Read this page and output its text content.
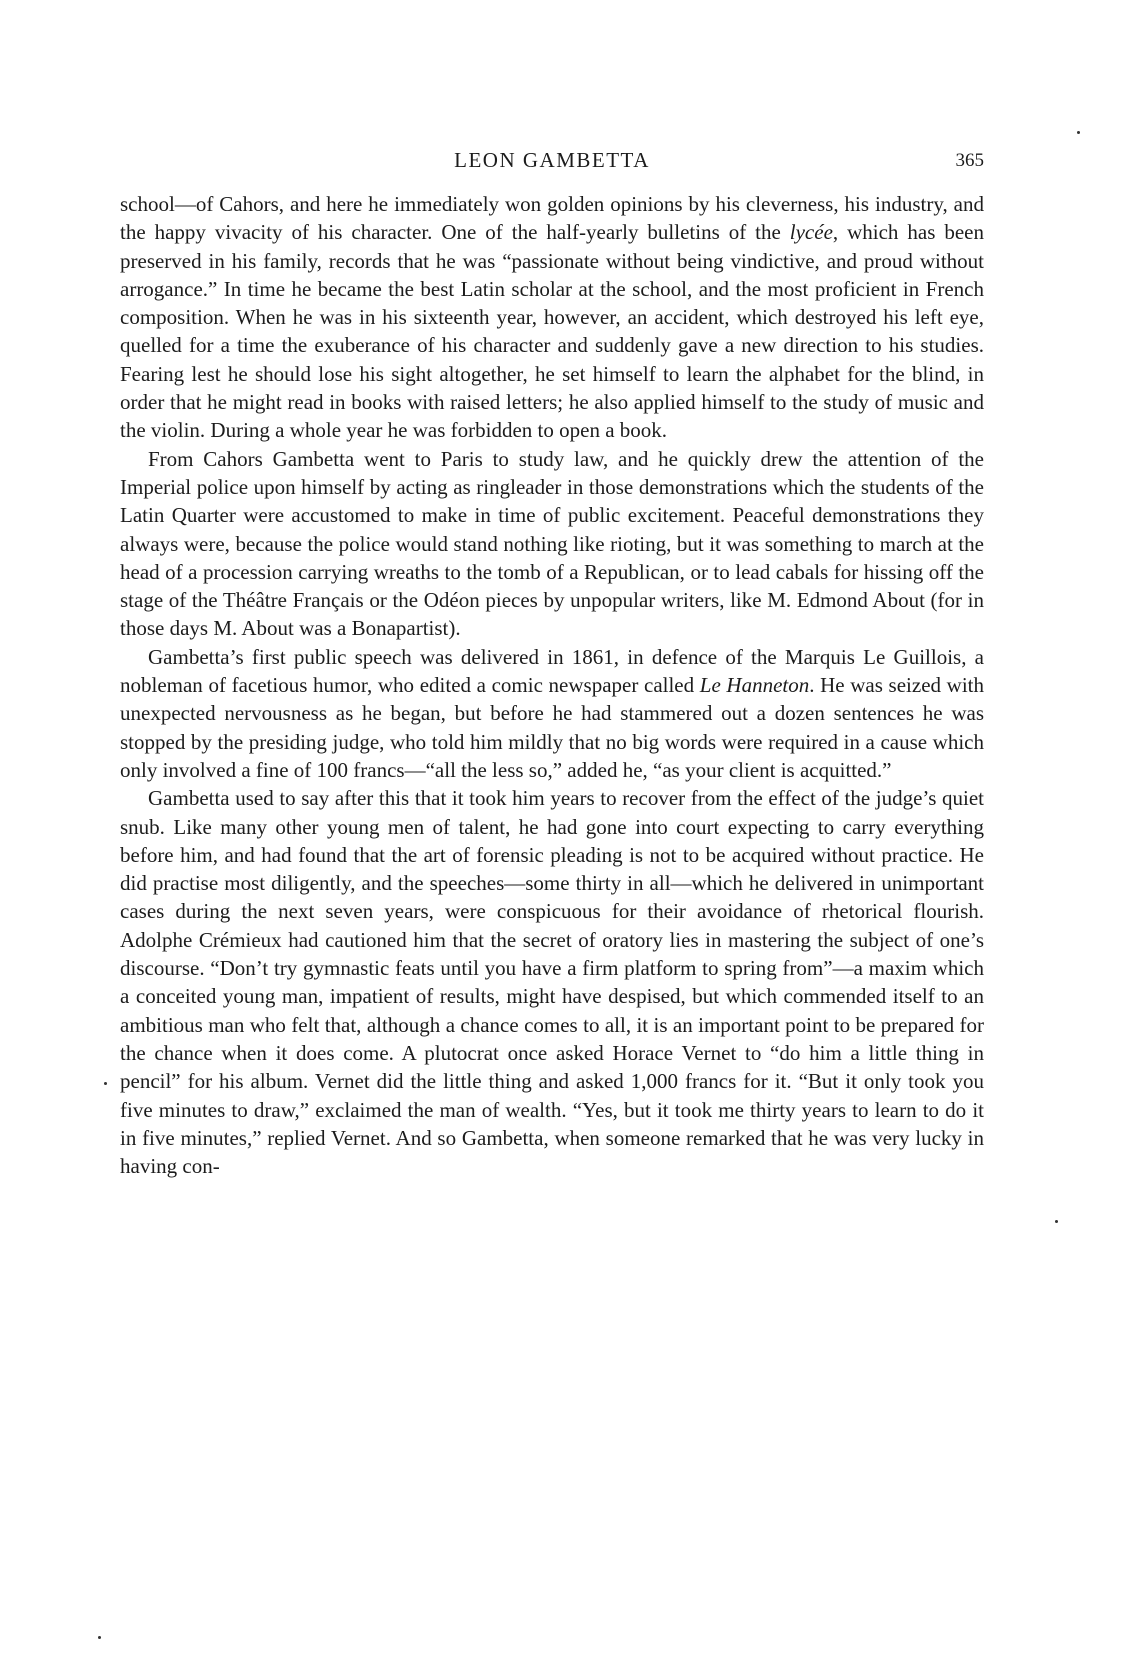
LEON GAMBETTA	365

school—of Cahors, and here he immediately won golden opinions by his cleverness, his industry, and the happy vivacity of his character. One of the half-yearly bulletins of the lycée, which has been preserved in his family, records that he was “passionate without being vindictive, and proud without arrogance.” In time he became the best Latin scholar at the school, and the most proficient in French composition. When he was in his sixteenth year, however, an accident, which destroyed his left eye, quelled for a time the exuberance of his character and suddenly gave a new direction to his studies. Fearing lest he should lose his sight altogether, he set himself to learn the alphabet for the blind, in order that he might read in books with raised letters; he also applied himself to the study of music and the violin. During a whole year he was forbidden to open a book.

From Cahors Gambetta went to Paris to study law, and he quickly drew the attention of the Imperial police upon himself by acting as ringleader in those demonstrations which the students of the Latin Quarter were accustomed to make in time of public excitement. Peaceful demonstrations they always were, because the police would stand nothing like rioting, but it was something to march at the head of a procession carrying wreaths to the tomb of a Republican, or to lead cabals for hissing off the stage of the Théâtre Français or the Odéon pieces by unpopular writers, like M. Edmond About (for in those days M. About was a Bonapartist).

Gambetta’s first public speech was delivered in 1861, in defence of the Marquis Le Guillois, a nobleman of facetious humor, who edited a comic newspaper called Le Hanneton. He was seized with unexpected nervousness as he began, but before he had stammered out a dozen sentences he was stopped by the presiding judge, who told him mildly that no big words were required in a cause which only involved a fine of 100 francs—“all the less so,” added he, “as your client is acquitted.”

Gambetta used to say after this that it took him years to recover from the effect of the judge’s quiet snub. Like many other young men of talent, he had gone into court expecting to carry everything before him, and had found that the art of forensic pleading is not to be acquired without practice. He did practise most diligently, and the speeches—some thirty in all—which he delivered in unimportant cases during the next seven years, were conspicuous for their avoidance of rhetorical flourish. Adolphe Crémieux had cautioned him that the secret of oratory lies in mastering the subject of one’s discourse. “Don’t try gymnastic feats until you have a firm platform to spring from”—a maxim which a conceited young man, impatient of results, might have despised, but which commended itself to an ambitious man who felt that, although a chance comes to all, it is an important point to be prepared for the chance when it does come. A plutocrat once asked Horace Vernet to “do him a little thing in pencil” for his album. Vernet did the little thing and asked 1,000 francs for it. “But it only took you five minutes to draw,” exclaimed the man of wealth. “Yes, but it took me thirty years to learn to do it in five minutes,” replied Vernet. And so Gambetta, when someone remarked that he was very lucky in having con-
